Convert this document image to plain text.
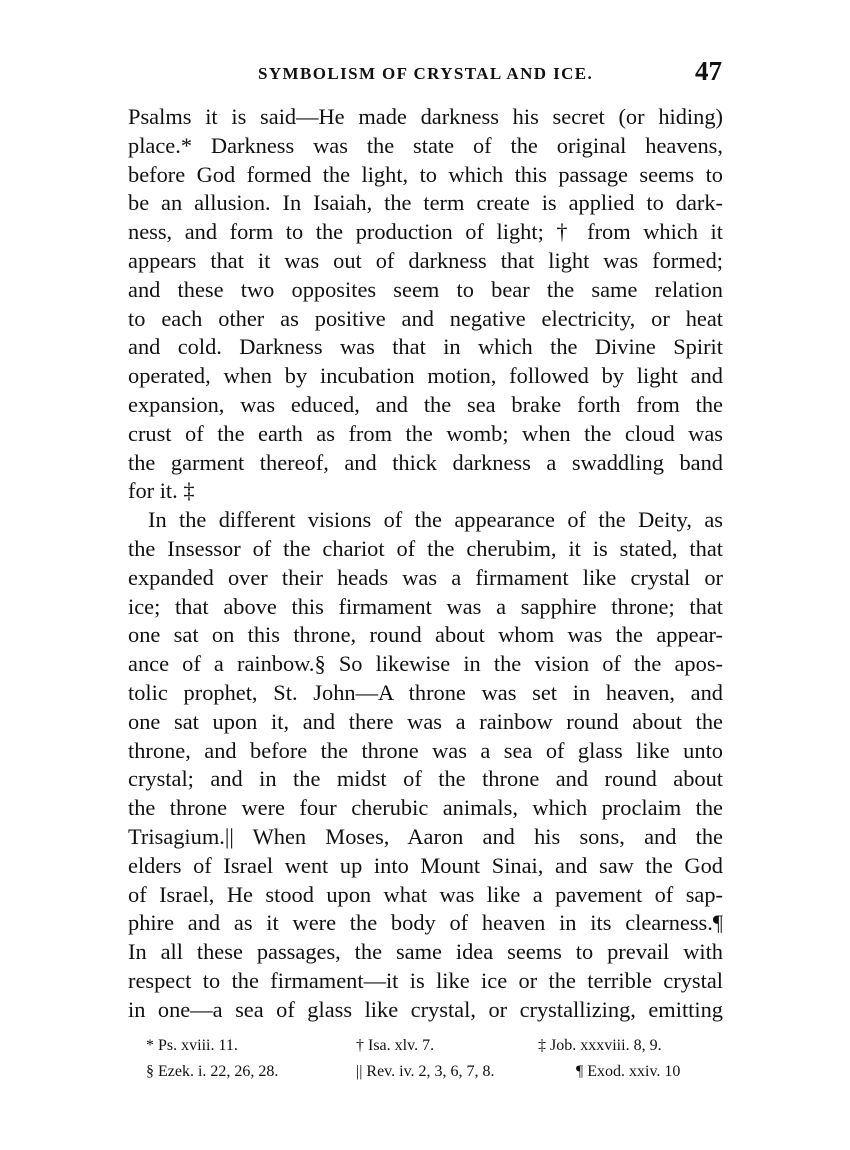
SYMBOLISM OF CRYSTAL AND ICE.	47
Psalms it is said—He made darkness his secret (or hiding)
place.* Darkness was the state of the original heavens,
before God formed the light, to which this passage seems to
be an allusion. In Isaiah, the term create is applied to dark-
ness, and form to the production of light; † from which it
appears that it was out of darkness that light was formed;
and these two opposites seem to bear the same relation
to each other as positive and negative electricity, or heat
and cold. Darkness was that in which the Divine Spirit
operated, when by incubation motion, followed by light and
expansion, was educed, and the sea brake forth from the
crust of the earth as from the womb; when the cloud was
the garment thereof, and thick darkness a swaddling band
for it. ‡
In the different visions of the appearance of the Deity, as
the Insessor of the chariot of the cherubim, it is stated, that
expanded over their heads was a firmament like crystal or
ice; that above this firmament was a sapphire throne; that
one sat on this throne, round about whom was the appear-
ance of a rainbow.§ So likewise in the vision of the apos-
tolic prophet, St. John—A throne was set in heaven, and
one sat upon it, and there was a rainbow round about the
throne, and before the throne was a sea of glass like unto
crystal; and in the midst of the throne and round about
the throne were four cherubic animals, which proclaim the
Trisagium.|| When Moses, Aaron and his sons, and the
elders of Israel went up into Mount Sinai, and saw the God
of Israel, He stood upon what was like a pavement of sap-
phire and as it were the body of heaven in its clearness.¶
In all these passages, the same idea seems to prevail with
respect to the firmament—it is like ice or the terrible crystal
in one—a sea of glass like crystal, or crystallizing, emitting
* Ps. xviii. 11.	† Isa. xlv. 7.	‡ Job. xxxviii. 8, 9.
§ Ezek. i. 22, 26, 28.	|| Rev. iv. 2, 3, 6, 7, 8.	¶ Exod. xxiv. 10
